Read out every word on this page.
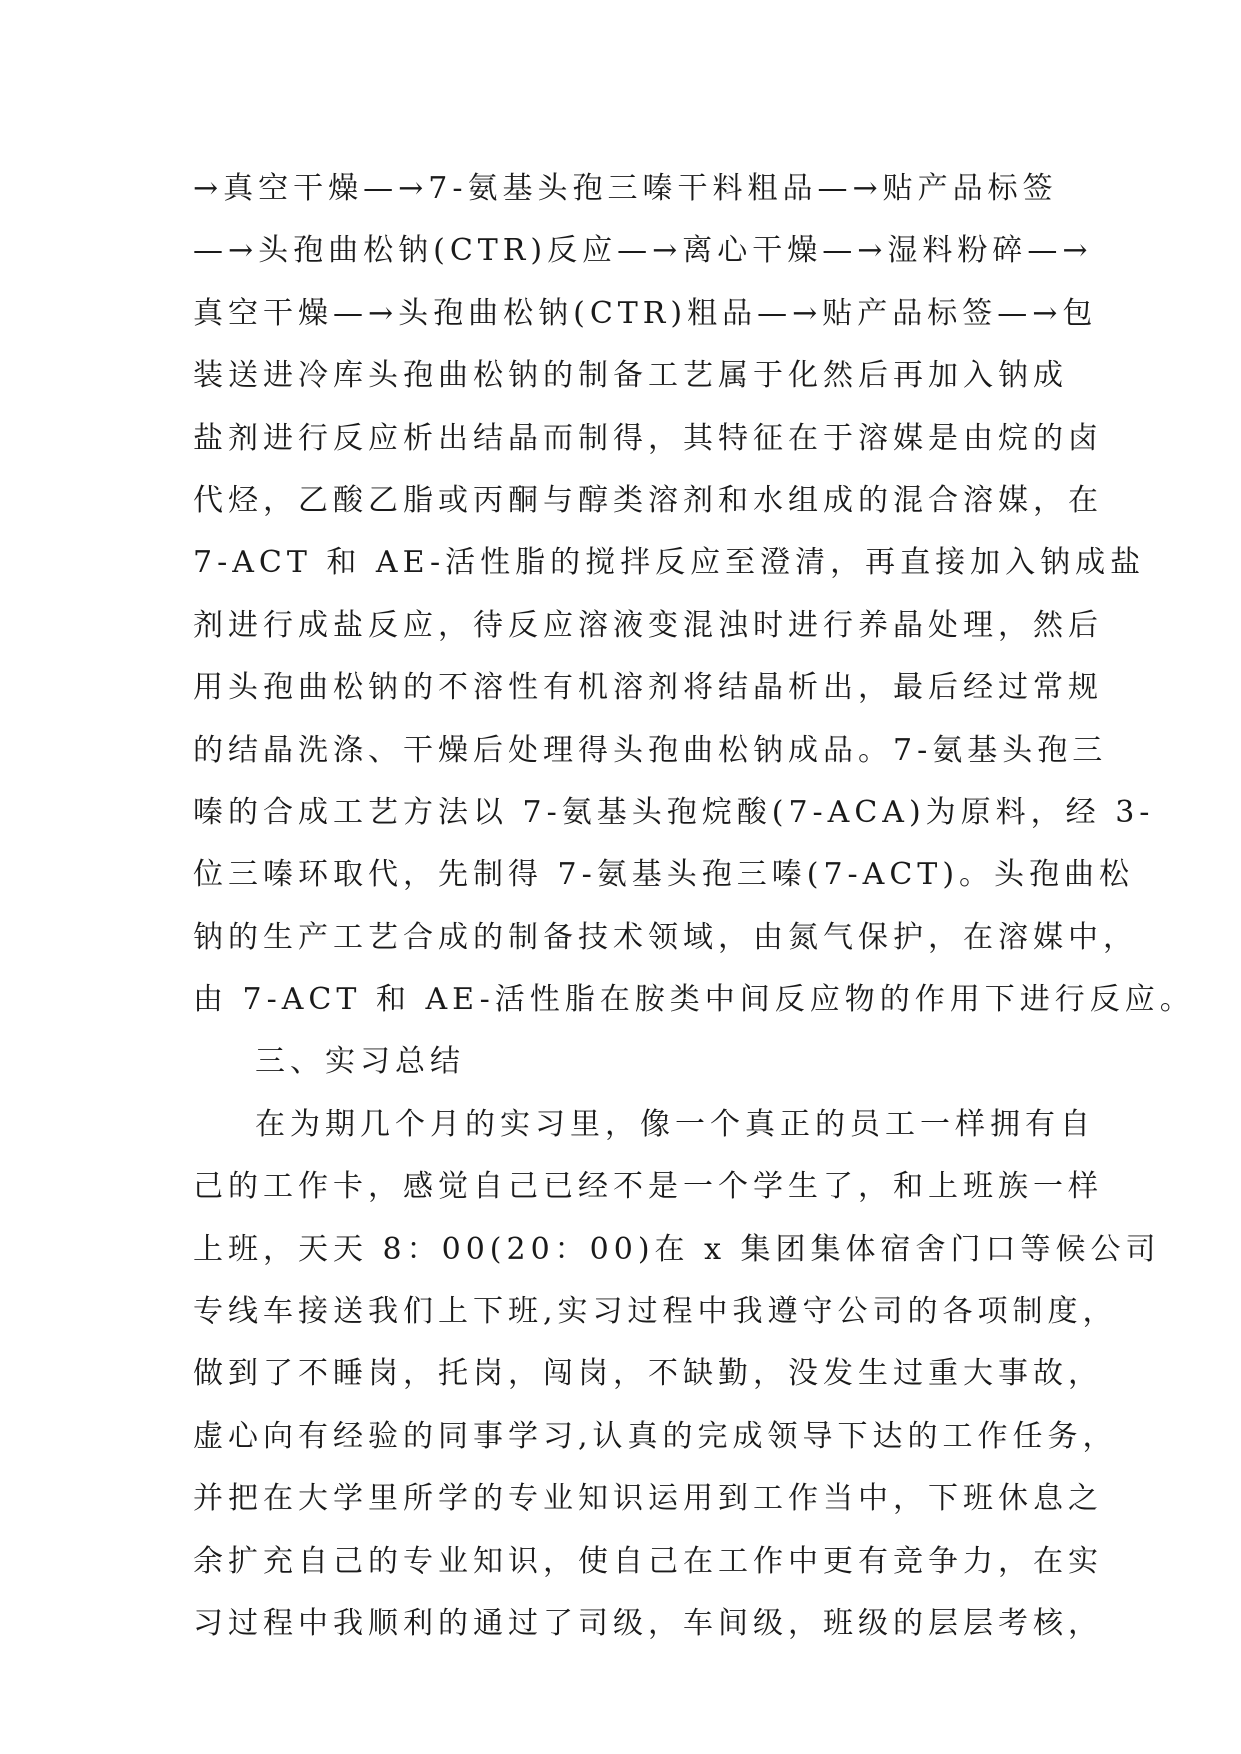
→真空干燥—→7-氨基头孢三嗪干料粗品—→贴产品标签
—→头孢曲松钠(CTR)反应—→离心干燥—→湿料粉碎—→
真空干燥—→头孢曲松钠(CTR)粗品—→贴产品标签—→包
装送进冷库头孢曲松钠的制备工艺属于化然后再加入钠成
盐剂进行反应析出结晶而制得，其特征在于溶媒是由烷的卤
代烃，乙酸乙脂或丙酮与醇类溶剂和水组成的混合溶媒，在
7-ACT 和 AE-活性脂的搅拌反应至澄清，再直接加入钠成盐
剂进行成盐反应，待反应溶液变混浊时进行养晶处理，然后
用头孢曲松钠的不溶性有机溶剂将结晶析出，最后经过常规
的结晶洗涤、干燥后处理得头孢曲松钠成品。7-氨基头孢三
嗪的合成工艺方法以 7-氨基头孢烷酸(7-ACA)为原料，经 3-
位三嗪环取代，先制得 7-氨基头孢三嗪(7-ACT)。头孢曲松
钠的生产工艺合成的制备技术领域，由氮气保护，在溶媒中，
由 7-ACT 和 AE-活性脂在胺类中间反应物的作用下进行反应。
三、实习总结
在为期几个月的实习里，像一个真正的员工一样拥有自
己的工作卡，感觉自己已经不是一个学生了，和上班族一样
上班，天天 8：00(20：00)在 x 集团集体宿舍门口等候公司
专线车接送我们上下班,实习过程中我遵守公司的各项制度，
做到了不睡岗，托岗，闯岗，不缺勤，没发生过重大事故，
虚心向有经验的同事学习,认真的完成领导下达的工作任务，
并把在大学里所学的专业知识运用到工作当中，下班休息之
余扩充自己的专业知识，使自己在工作中更有竞争力，在实
习过程中我顺利的通过了司级，车间级，班级的层层考核，
